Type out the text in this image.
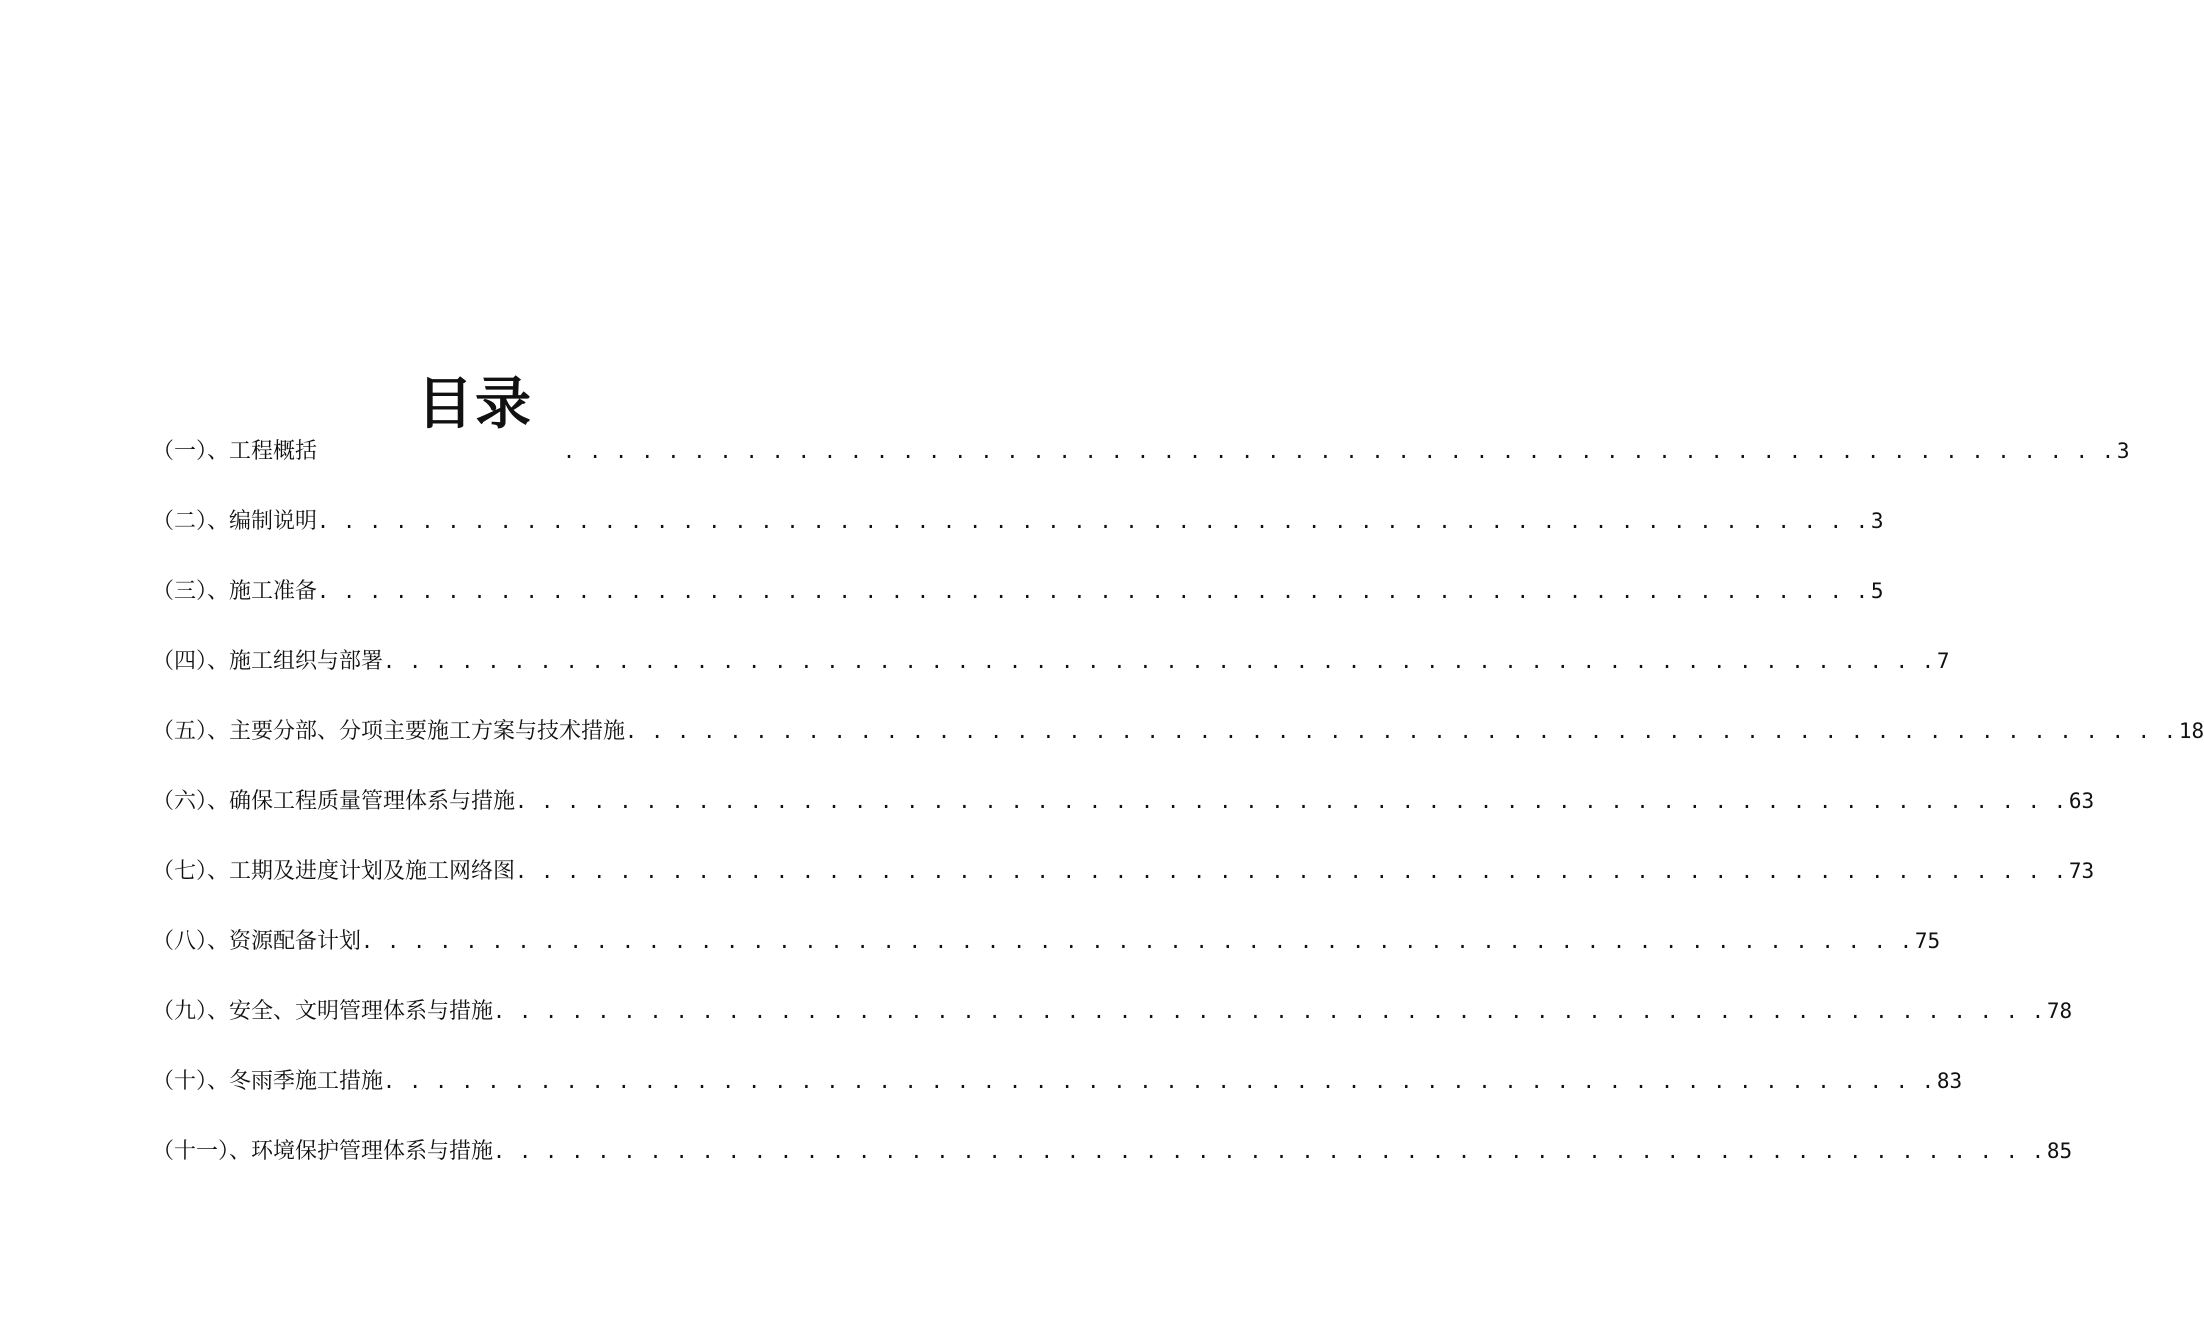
目录
（一）、工程概括	. . . . . . . . . . . . . . . . . . . . . . . . . . . . . . . . . . . . . . . . . . . . . . . . . . . . . . . . . . . . 3
（二）、编制说明 . . . . . . . . . . . . . . . . . . . . . . . . . . . . . . . . . . . . . . . . . . . . . . . . . . . . . . . . . . . . 3
（三）、施工准备 . . . . . . . . . . . . . . . . . . . . . . . . . . . . . . . . . . . . . . . . . . . . . . . . . . . . . . . . . . . . 5
（四）、施工组织与部署 . . . . . . . . . . . . . . . . . . . . . . . . . . . . . . . . . . . . . . . . . . . . . . . . . . . . . . . . . . . . 7
（五）、主要分部、分项主要施工方案与技术措施 . . . . . . . . . . . . . . . . . . . . . . . . . . . . . . . . . . . . . . . . . . . . . . . . . . . . . . . . . . . . 18
（六）、确保工程质量管理体系与措施 . . . . . . . . . . . . . . . . . . . . . . . . . . . . . . . . . . . . . . . . . . . . . . . . . . . . . . . . . . . . 63
（七）、工期及进度计划及施工网络图 . . . . . . . . . . . . . . . . . . . . . . . . . . . . . . . . . . . . . . . . . . . . . . . . . . . . . . . . . . . . 73
（八）、资源配备计划 . . . . . . . . . . . . . . . . . . . . . . . . . . . . . . . . . . . . . . . . . . . . . . . . . . . . . . . . . . . . 75
（九）、安全、文明管理体系与措施 . . . . . . . . . . . . . . . . . . . . . . . . . . . . . . . . . . . . . . . . . . . . . . . . . . . . . . . . . . . . 78
（十）、冬雨季施工措施 . . . . . . . . . . . . . . . . . . . . . . . . . . . . . . . . . . . . . . . . . . . . . . . . . . . . . . . . . . . . 83
（十一）、环境保护管理体系与措施 . . . . . . . . . . . . . . . . . . . . . . . . . . . . . . . . . . . . . . . . . . . . . . . . . . . . . . . . . . . . 85
